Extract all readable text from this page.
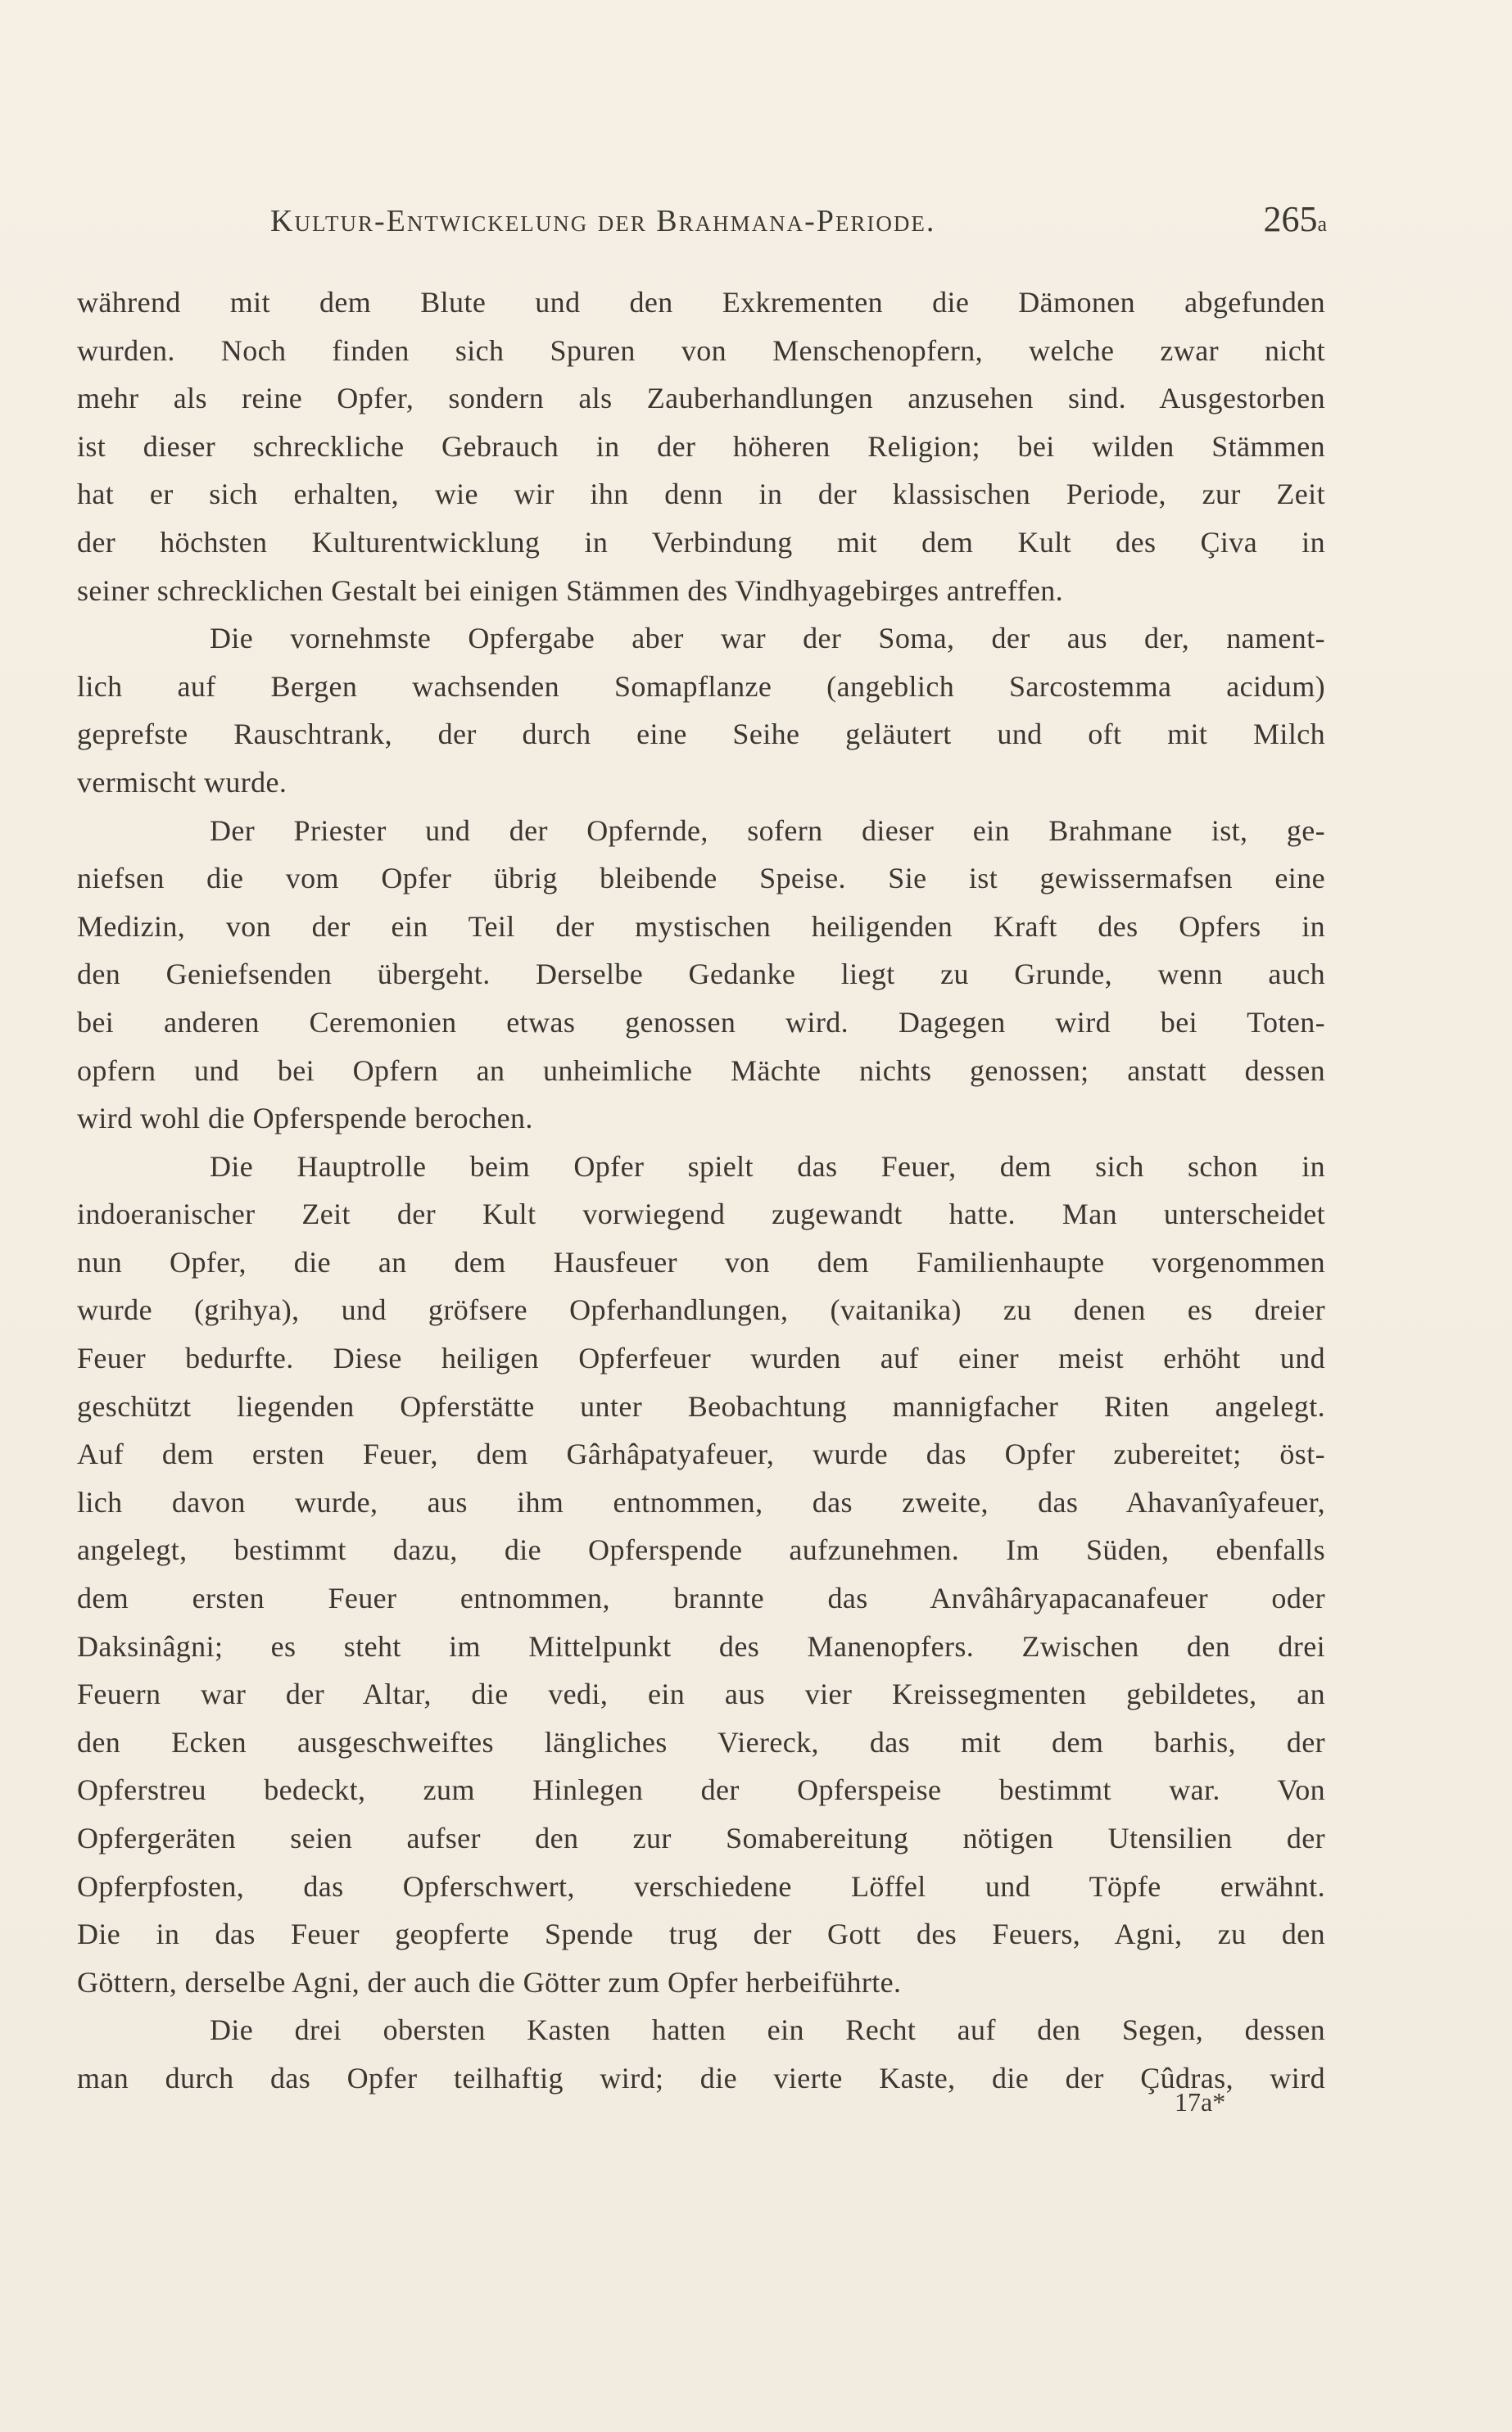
Kultur-Entwickelung der Brahmana-Periode.	265a
während mit dem Blute und den Exkrementen die Dämonen abgefunden
wurden. Noch finden sich Spuren von Menschenopfern, welche zwar nicht
mehr als reine Opfer, sondern als Zauberhandlungen anzusehen sind. Ausgestorben
ist dieser schreckliche Gebrauch in der höheren Religion; bei wilden Stämmen
hat er sich erhalten, wie wir ihn denn in der klassischen Periode, zur Zeit
der höchsten Kulturentwicklung in Verbindung mit dem Kult des Çiva in
seiner schrecklichen Gestalt bei einigen Stämmen des Vindhyagebirges antreffen.
Die vornehmste Opfergabe aber war der Soma, der aus der, nament-
lich auf Bergen wachsenden Somapflanze (angeblich Sarcostemma acidum)
geprefste Rauschtrank, der durch eine Seihe geläutert und oft mit Milch
vermischt wurde.
Der Priester und der Opfernde, sofern dieser ein Brahmane ist, ge-
niefsen die vom Opfer übrig bleibende Speise. Sie ist gewissermafsen eine
Medizin, von der ein Teil der mystischen heiligenden Kraft des Opfers in
den Geniefsenden übergeht. Derselbe Gedanke liegt zu Grunde, wenn auch
bei anderen Ceremonien etwas genossen wird. Dagegen wird bei Toten-
opfern und bei Opfern an unheimliche Mächte nichts genossen; anstatt dessen
wird wohl die Opferspende berochen.
Die Hauptrolle beim Opfer spielt das Feuer, dem sich schon in
indoeranischer Zeit der Kult vorwiegend zugewandt hatte. Man unterscheidet
nun Opfer, die an dem Hausfeuer von dem Familienhaupte vorgenommen
wurde (grihya), und gröfsere Opferhandlungen, (vaitanika) zu denen es dreier
Feuer bedurfte. Diese heiligen Opferfeuer wurden auf einer meist erhöht und
geschützt liegenden Opferstätte unter Beobachtung mannigfacher Riten angelegt.
Auf dem ersten Feuer, dem Gârhâpatyafeuer, wurde das Opfer zubereitet; öst-
lich davon wurde, aus ihm entnommen, das zweite, das Ahavanîyafeuer,
angelegt, bestimmt dazu, die Opferspende aufzunehmen. Im Süden, ebenfalls
dem ersten Feuer entnommen, brannte das Anvâhâryapacanafeuer oder
Daksinâgni; es steht im Mittelpunkt des Manenopfers. Zwischen den drei
Feuern war der Altar, die vedi, ein aus vier Kreissegmenten gebildetes, an
den Ecken ausgeschweiftes längliches Viereck, das mit dem barhis, der
Opferstreu bedeckt, zum Hinlegen der Opferspeise bestimmt war. Von
Opfergeräten seien aufser den zur Somabereitung nötigen Utensilien der
Opferpfosten, das Opferschwert, verschiedene Löffel und Töpfe erwähnt.
Die in das Feuer geopferte Spende trug der Gott des Feuers, Agni, zu den
Göttern, derselbe Agni, der auch die Götter zum Opfer herbeiführte.
Die drei obersten Kasten hatten ein Recht auf den Segen, dessen
man durch das Opfer teilhaftig wird; die vierte Kaste, die der Çûdras, wird
17a*
